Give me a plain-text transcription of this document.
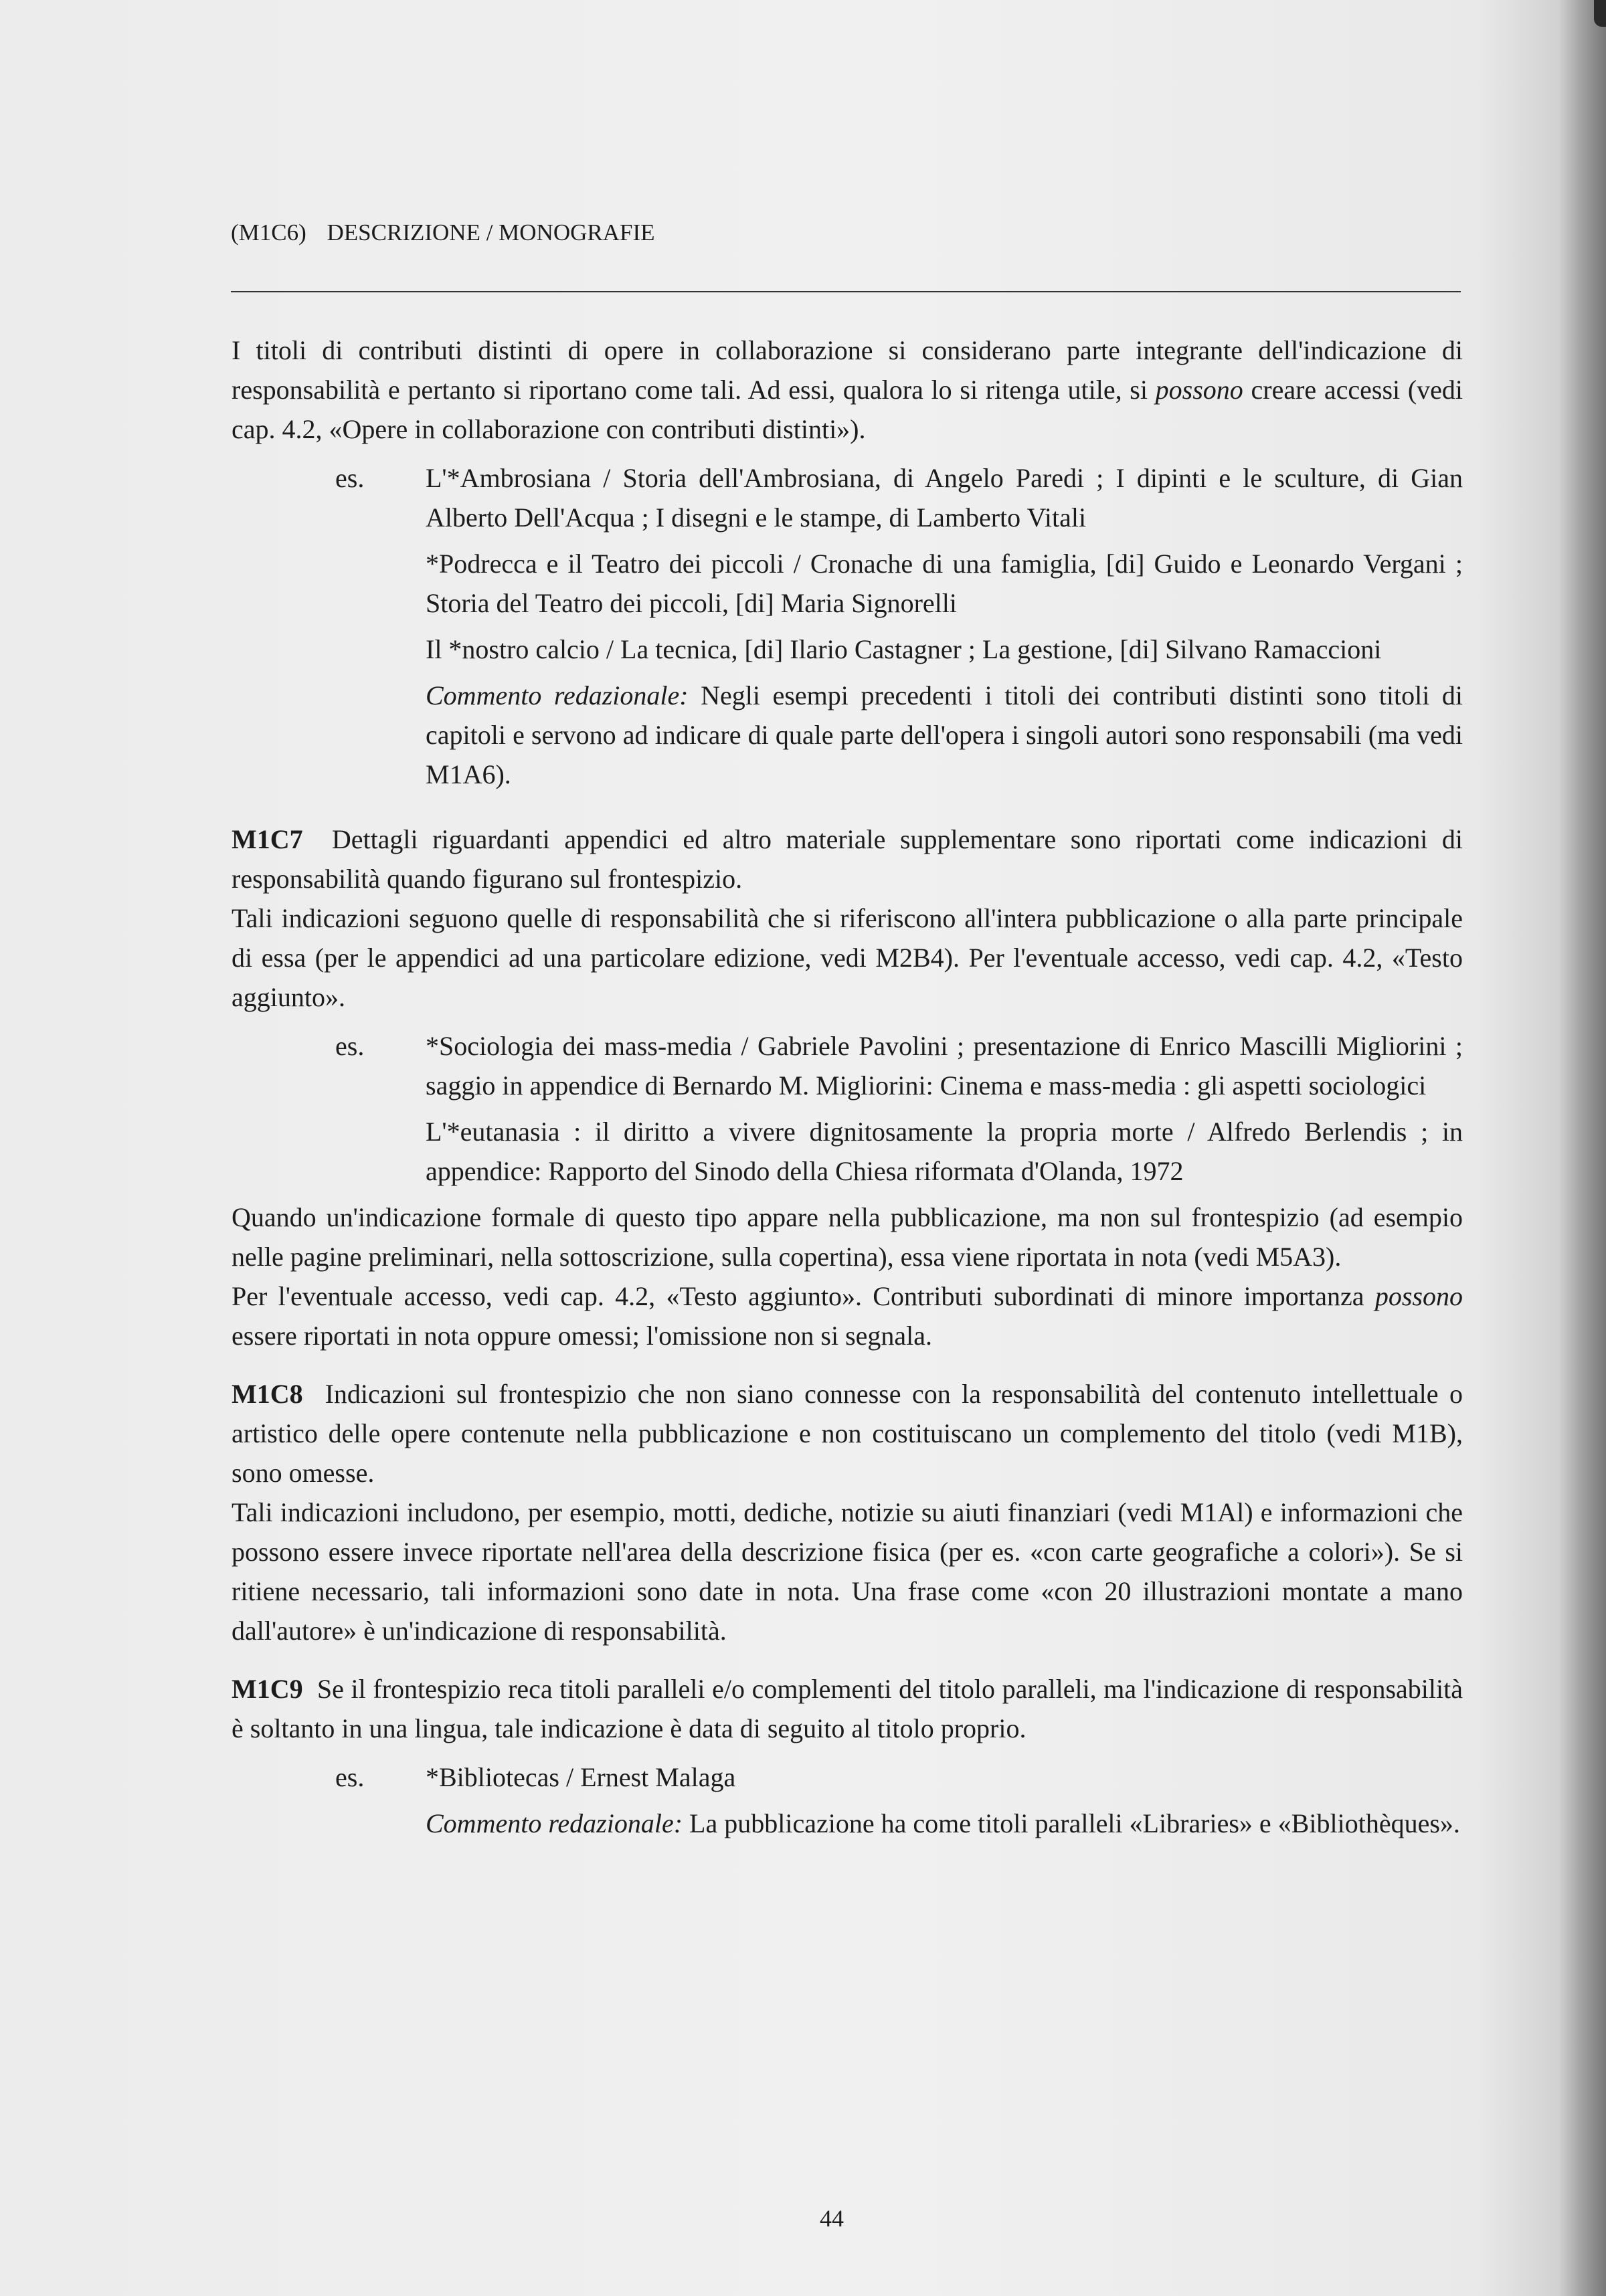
(M1C6) DESCRIZIONE / MONOGRAFIE

I titoli di contributi distinti di opere in collaborazione si considerano parte integrante dell'indicazione di responsabilità e pertanto si riportano come tali. Ad essi, qualora lo si ritenga utile, si possono creare accessi (vedi cap. 4.2, «Opere in collaborazione con contributi distinti»).

es.	L'*Ambrosiana / Storia dell'Ambrosiana, di Angelo Paredi ; I dipinti e le sculture, di Gian Alberto Dell'Acqua ; I disegni e le stampe, di Lamberto Vitali

*Podrecca e il Teatro dei piccoli / Cronache di una famiglia, [di] Guido e Leonardo Vergani ; Storia del Teatro dei piccoli, [di] Maria Signorelli

Il *nostro calcio / La tecnica, [di] Ilario Castagner ; La gestione, [di] Silvano Ramaccioni

Commento redazionale: Negli esempi precedenti i titoli dei contributi distinti sono titoli di capitoli e servono ad indicare di quale parte dell'opera i singoli autori sono responsabili (ma vedi M1A6).

M1C7 Dettagli riguardanti appendici ed altro materiale supplementare sono riportati come indicazioni di responsabilità quando figurano sul frontespizio.

Tali indicazioni seguono quelle di responsabilità che si riferiscono all'intera pubblicazione o alla parte principale di essa (per le appendici ad una particolare edizione, vedi M2B4). Per l'eventuale accesso, vedi cap. 4.2, «Testo aggiunto».

es.	*Sociologia dei mass-media / Gabriele Pavolini ; presentazione di Enrico Mascilli Migliorini ; saggio in appendice di Bernardo M. Migliorini: Cinema e mass-media : gli aspetti sociologici

L'*eutanasia : il diritto a vivere dignitosamente la propria morte / Alfredo Berlendis ; in appendice: Rapporto del Sinodo della Chiesa riformata d'Olanda, 1972

Quando un'indicazione formale di questo tipo appare nella pubblicazione, ma non sul frontespizio (ad esempio nelle pagine preliminari, nella sottoscrizione, sulla copertina), essa viene riportata in nota (vedi M5A3).

Per l'eventuale accesso, vedi cap. 4.2, «Testo aggiunto». Contributi subordinati di minore importanza possono essere riportati in nota oppure omessi; l'omissione non si segnala.

M1C8 Indicazioni sul frontespizio che non siano connesse con la responsabilità del contenuto intellettuale o artistico delle opere contenute nella pubblicazione e non costituiscano un complemento del titolo (vedi M1B), sono omesse.

Tali indicazioni includono, per esempio, motti, dediche, notizie su aiuti finanziari (vedi M1Al) e informazioni che possono essere invece riportate nell'area della descrizione fisica (per es. «con carte geografiche a colori»). Se si ritiene necessario, tali informazioni sono date in nota. Una frase come «con 20 illustrazioni montate a mano dall'autore» è un'indicazione di responsabilità.

M1C9 Se il frontespizio reca titoli paralleli e/o complementi del titolo paralleli, ma l'indicazione di responsabilità è soltanto in una lingua, tale indicazione è data di seguito al titolo proprio.

es.	*Bibliotecas / Ernest Malaga

Commento redazionale: La pubblicazione ha come titoli paralleli «Libraries» e «Bibliothèques».

44
